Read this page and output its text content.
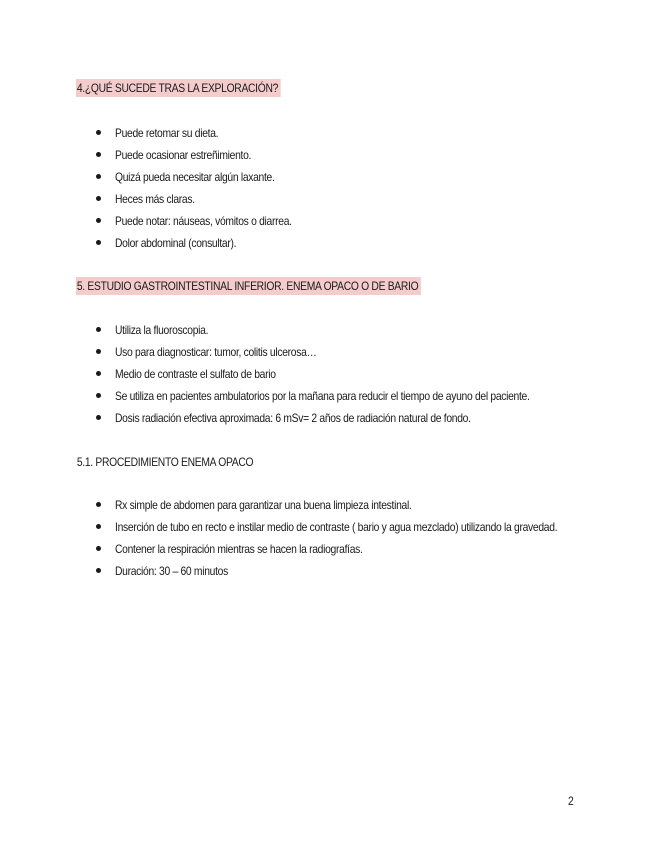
4.¿QUÉ SUCEDE TRAS LA EXPLORACIÓN?
Puede retomar su dieta.
Puede ocasionar estreñimiento.
Quizá pueda necesitar algún laxante.
Heces más claras.
Puede notar: náuseas, vómitos o diarrea.
Dolor abdominal (consultar).
5. ESTUDIO GASTROINTESTINAL INFERIOR. ENEMA OPACO O DE BARIO
Utiliza la fluoroscopia.
Uso para diagnosticar: tumor, colitis ulcerosa…
Medio de contraste el sulfato de bario
Se utiliza en pacientes ambulatorios por la mañana para reducir el tiempo de ayuno del paciente.
Dosis radiación efectiva aproximada: 6 mSv= 2 años de radiación natural de fondo.
5.1. PROCEDIMIENTO ENEMA OPACO
Rx simple de abdomen para garantizar una buena limpieza intestinal.
Inserción de tubo en recto e instilar medio de contraste ( bario y agua mezclado) utilizando la gravedad.
Contener la respiración mientras se hacen la radiografías.
Duración: 30 – 60 minutos
2
